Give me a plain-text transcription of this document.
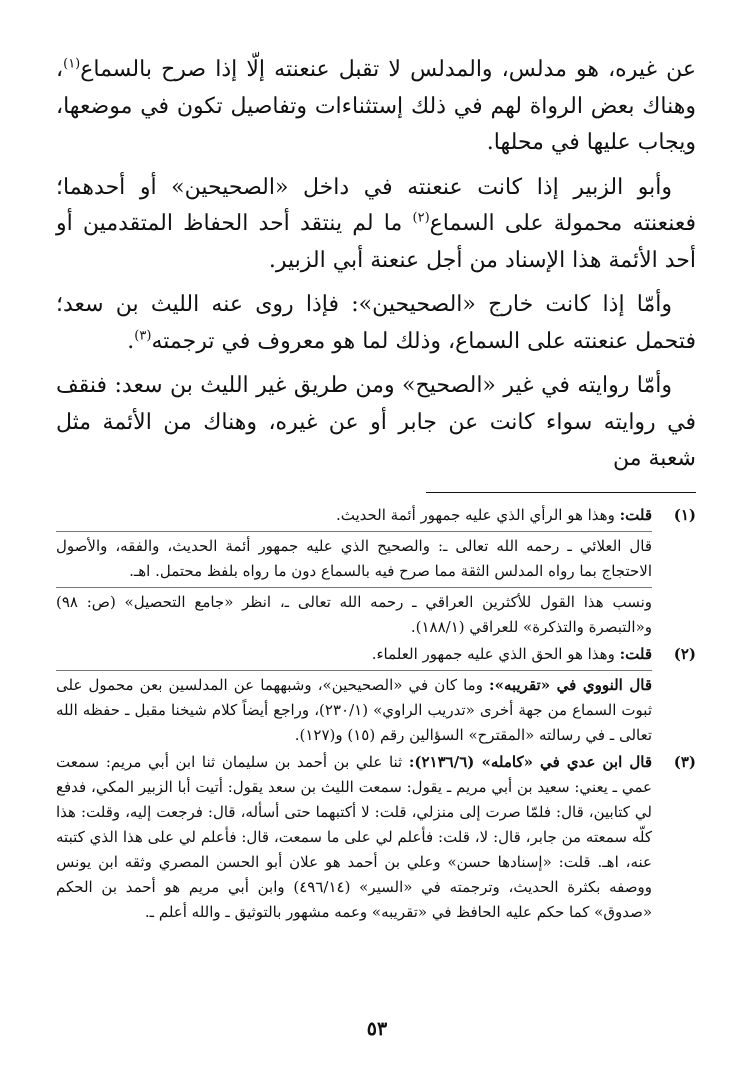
عن غيره، هو مدلس، والمدلس لا تقبل عنعنته إلّا إذا صرح بالسماع$^{(١)}$، وهناك بعض الرواة لهم في ذلك إستثناءات وتفاصيل تكون في موضعها، ويجاب عليها في محلها.

وأبو الزبير إذا كانت عنعنته في داخل «الصحيحين» أو أحدهما؛ فعنعنته محمولة على السماع$^{(٢)}$ ما لم ينتقد أحد الحفاظ المتقدمين أو أحد الأئمة هذا الإسناد من أجل عنعنة أبي الزبير.

وأمّا إذا كانت خارج «الصحيحين»: فإذا روى عنه الليث بن سعد؛ فتحمل عنعنته على السماع، وذلك لما هو معروف في ترجمته$^{(٣)}$.

وأمّا روايته في غير «الصحيح» ومن طريق غير الليث بن سعد: فنقف في روايته سواء كانت عن جابر أو عن غيره، وهناك من الأئمة مثل شعبة من

(١)

قلت: وهذا هو الرأي الذي عليه جمهور أئمة الحديث.

قال العلائي ـ رحمه الله تعالى ـ: والصحيح الذي عليه جمهور أئمة الحديث، والفقه، والأصول الاحتجاج بما رواه المدلس الثقة مما صرح فيه بالسماع دون ما رواه بلفظ محتمل. اهـ.

ونسب هذا القول للأكثرين العراقي ـ رحمه الله تعالى ـ، انظر «جامع التحصيل» (ص: ٩٨) و«التبصرة والتذكرة» للعراقي (١٨٨/١).

(٢)

قلت: وهذا هو الحق الذي عليه جمهور العلماء.

قال النووي في «تقريبه»: وما كان في «الصحيحين»، وشبههما عن المدلسين بعن محمول على ثبوت السماع من جهة أخرى «تدريب الراوي» (٢٣٠/١)، وراجع أيضاً كلام شيخنا مقبل ـ حفظه الله تعالى ـ في رسالته «المقترح» السؤالين رقم (١٥) و(١٢٧).

(٣)

قال ابن عدي في «كامله» (٢١٣٦/٦): ثنا علي بن أحمد بن سليمان ثنا ابن أبي مريم: سمعت عمي ـ يعني: سعيد بن أبي مريم ـ يقول: سمعت الليث بن سعد يقول: أتيت أبا الزبير المكي، فدفع لي كتابين، قال: فلمّا صرت إلى منزلي، قلت: لا أكتبهما حتى أسأله، قال: فرجعت إليه، وقلت: هذا كلّه سمعته من جابر، قال: لا، قلت: فأعلم لي على ما سمعت، قال: فأعلم لي على هذا الذي كتبته عنه، اهـ. قلت: «إسنادها حسن» وعلي بن أحمد هو علان أبو الحسن المصري وثقه ابن يونس ووصفه بكثرة الحديث، وترجمته في «السير» (٤٩٦/١٤) وابن أبي مريم هو أحمد بن الحكم «صدوق» كما حكم عليه الحافظ في «تقريبه» وعمه مشهور بالتوثيق ـ والله أعلم ـ.

٥٣
